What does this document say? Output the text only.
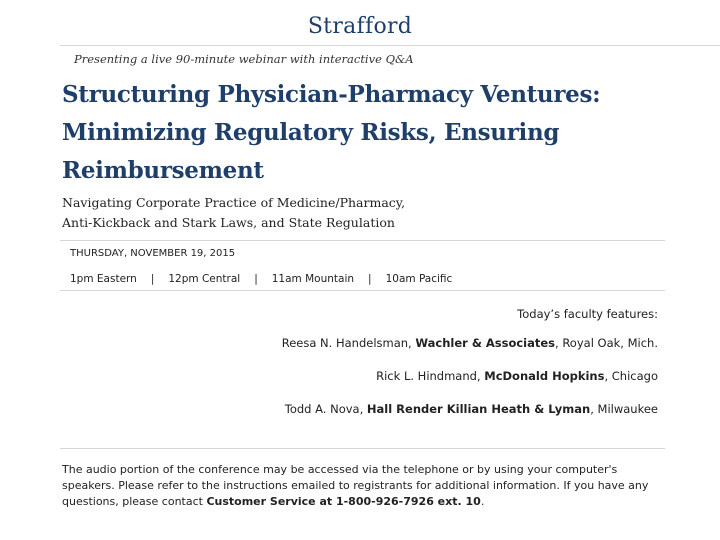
Strafford
Presenting a live 90-minute webinar with interactive Q&A
Structuring Physician-Pharmacy Ventures: Minimizing Regulatory Risks, Ensuring Reimbursement
Navigating Corporate Practice of Medicine/Pharmacy,
Anti-Kickback and Stark Laws, and State Regulation
THURSDAY, NOVEMBER 19, 2015
1pm Eastern | 12pm Central | 11am Mountain | 10am Pacific
Today’s faculty features:
Reesa N. Handelsman, Wachler & Associates, Royal Oak, Mich.
Rick L. Hindmand, McDonald Hopkins, Chicago
Todd A. Nova, Hall Render Killian Heath & Lyman, Milwaukee
The audio portion of the conference may be accessed via the telephone or by using your computer's speakers. Please refer to the instructions emailed to registrants for additional information. If you have any questions, please contact Customer Service at 1-800-926-7926 ext. 10.
